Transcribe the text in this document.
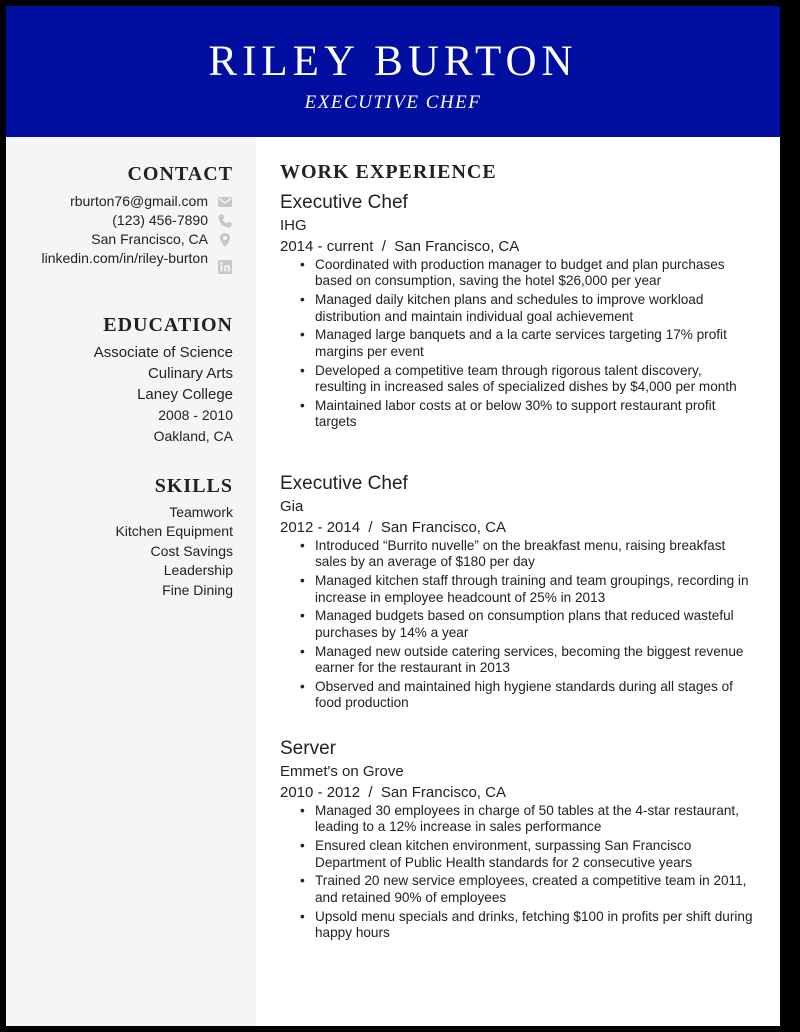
RILEY BURTON
EXECUTIVE CHEF
CONTACT
rburton76@gmail.com
(123) 456-7890
San Francisco, CA
linkedin.com/in/riley-burton
EDUCATION
Associate of Science
Culinary Arts
Laney College
2008 - 2010
Oakland, CA
SKILLS
Teamwork
Kitchen Equipment
Cost Savings
Leadership
Fine Dining
WORK EXPERIENCE
Executive Chef
IHG
2014 - current  /  San Francisco, CA
• Coordinated with production manager to budget and plan purchases based on consumption, saving the hotel $26,000 per year
• Managed daily kitchen plans and schedules to improve workload distribution and maintain individual goal achievement
• Managed large banquets and a la carte services targeting 17% profit margins per event
• Developed a competitive team through rigorous talent discovery, resulting in increased sales of specialized dishes by $4,000 per month
• Maintained labor costs at or below 30% to support restaurant profit targets
Executive Chef
Gia
2012 - 2014  /  San Francisco, CA
• Introduced “Burrito nuvelle” on the breakfast menu, raising breakfast sales by an average of $180 per day
• Managed kitchen staff through training and team groupings, recording in increase in employee headcount of 25% in 2013
• Managed budgets based on consumption plans that reduced wasteful purchases by 14% a year
• Managed new outside catering services, becoming the biggest revenue earner for the restaurant in 2013
• Observed and maintained high hygiene standards during all stages of food production
Server
Emmet's on Grove
2010 - 2012  /  San Francisco, CA
• Managed 30 employees in charge of 50 tables at the 4-star restaurant, leading to a 12% increase in sales performance
• Ensured clean kitchen environment, surpassing San Francisco Department of Public Health standards for 2 consecutive years
• Trained 20 new service employees, created a competitive team in 2011, and retained 90% of employees
• Upsold menu specials and drinks, fetching $100 in profits per shift during happy hours
